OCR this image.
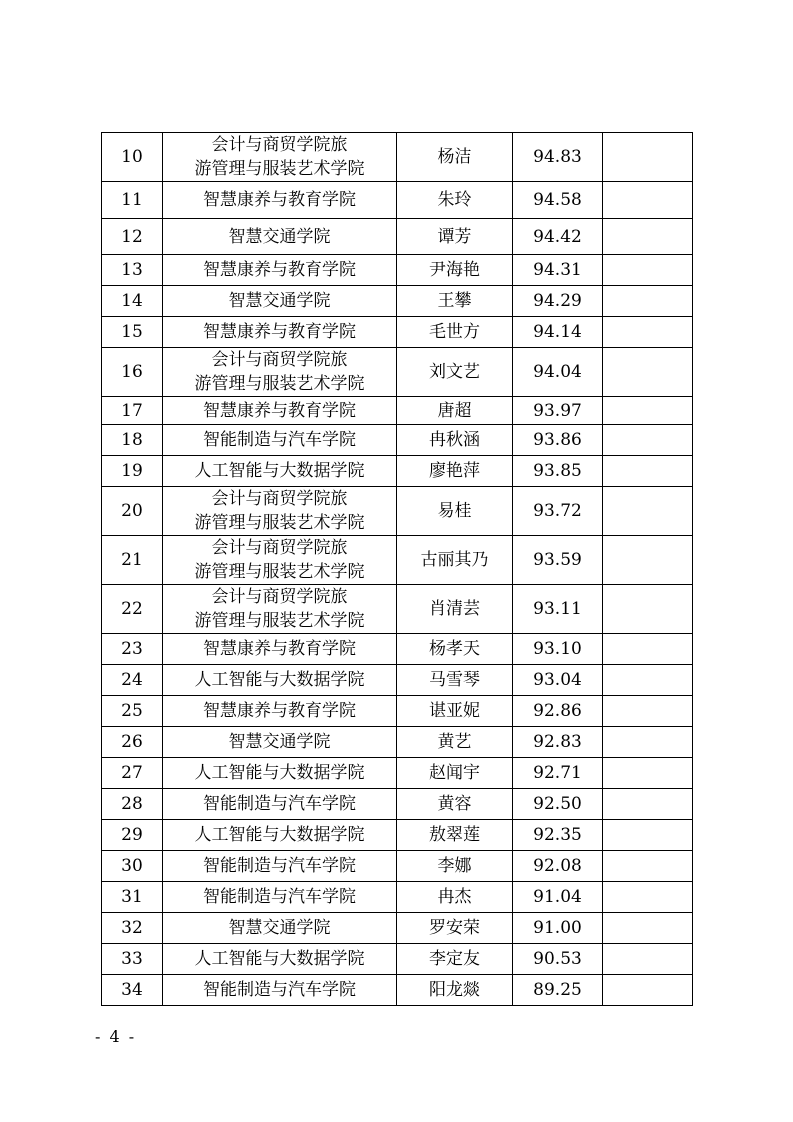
10	会计与商贸学院旅
游管理与服装艺术学院	杨洁	94.83	
11	智慧康养与教育学院	朱玲	94.58	
12	智慧交通学院	谭芳	94.42	
13	智慧康养与教育学院	尹海艳	94.31	
14	智慧交通学院	王攀	94.29	
15	智慧康养与教育学院	毛世方	94.14	
16	会计与商贸学院旅
游管理与服装艺术学院	刘文艺	94.04	
17	智慧康养与教育学院	唐超	93.97	
18	智能制造与汽车学院	冉秋涵	93.86	
19	人工智能与大数据学院	廖艳萍	93.85	
20	会计与商贸学院旅
游管理与服装艺术学院	易桂	93.72	
21	会计与商贸学院旅
游管理与服装艺术学院	古丽其乃	93.59	
22	会计与商贸学院旅
游管理与服装艺术学院	肖清芸	93.11	
23	智慧康养与教育学院	杨孝天	93.10	
24	人工智能与大数据学院	马雪琴	93.04	
25	智慧康养与教育学院	谌亚妮	92.86	
26	智慧交通学院	黄艺	92.83	
27	人工智能与大数据学院	赵闻宇	92.71	
28	智能制造与汽车学院	黄容	92.50	
29	人工智能与大数据学院	敖翠莲	92.35	
30	智能制造与汽车学院	李娜	92.08	
31	智能制造与汽车学院	冉杰	91.04	
32	智慧交通学院	罗安荣	91.00	
33	人工智能与大数据学院	李定友	90.53	
34	智能制造与汽车学院	阳龙燚	89.25	
- 4 -
